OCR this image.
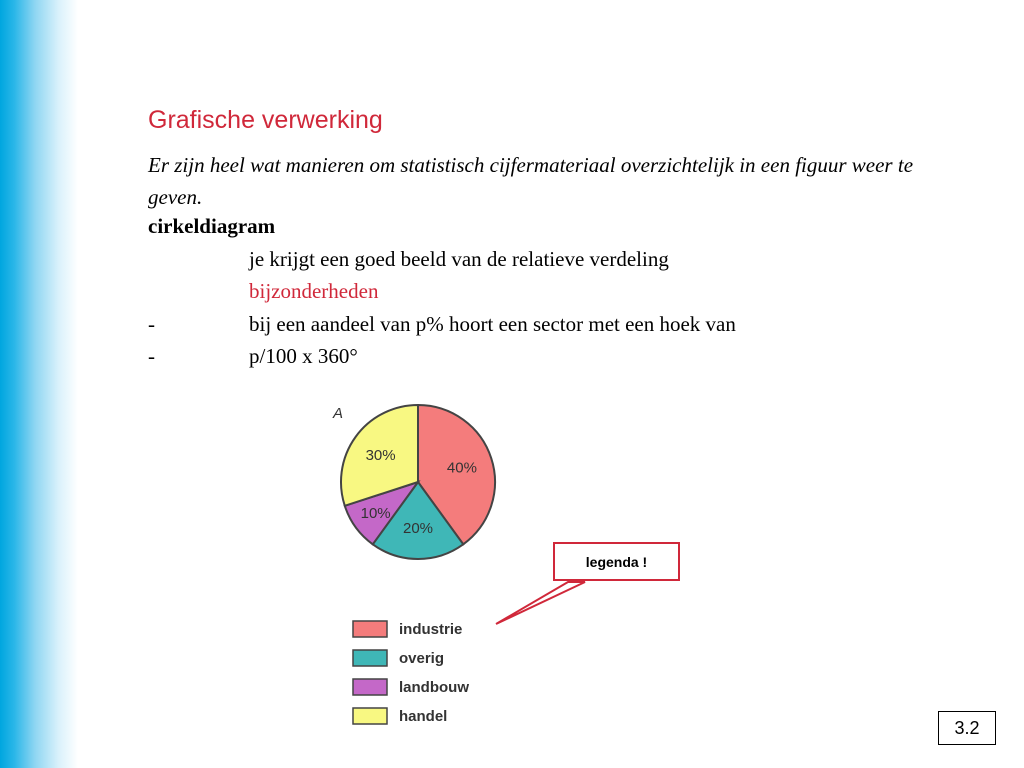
Grafische verwerking

Er zijn heel wat manieren om statistisch cijfermateriaal overzichtelijk in een figuur weer te geven.

cirkeldiagram

je krijgt een goed beeld van de relatieve verdeling
bijzonderheden
-	bij een aandeel van p% hoort een sector met een hoek van
-	p/100 x 360°
A
40%
20%
10%
30%
industrie
overig
landbouw
handel
legenda !
3.2
